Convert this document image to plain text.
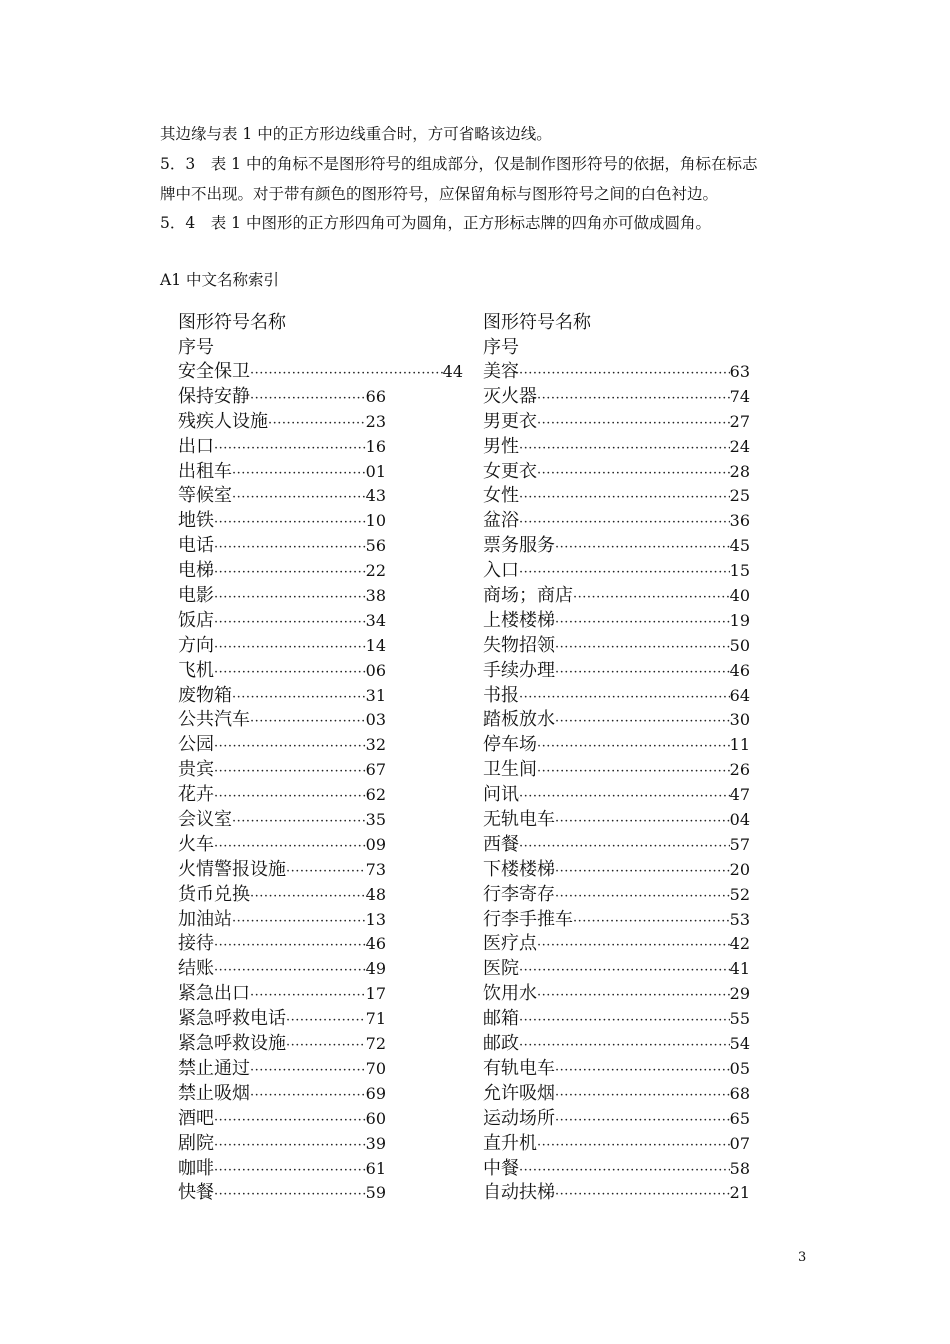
其边缘与表 1 中的正方形边线重合时，方可省略该边线。

5．3　表 1 中的角标不是图形符号的组成部分，仅是制作图形符号的依据，角标在标志

牌中不出现。对于带有颜色的图形符号，应保留角标与图形符号之间的白色衬边。

5．4　表 1 中图形的正方形四角可为圆角，正方形标志牌的四角亦可做成圆角。

A1 中文名称索引

图形符号名称
序号
安全保卫 ·····	44
保持安静 ·····	66
残疾人设施 ·····	23
出口 ·····	16
出租车 ·····	01
等候室 ·····	43
地铁 ·····	10
电话 ·····	56
电梯 ·····	22
电影 ·····	38
饭店 ·····	34
方向 ·····	14
飞机 ·····	06
废物箱 ·····	31
公共汽车 ·····	03
公园 ·····	32
贵宾 ·····	67
花卉 ·····	62
会议室 ·····	35
火车 ·····	09
火情警报设施 ·····	73
货币兑换 ·····	48
加油站 ·····	13
接待 ·····	46
结账 ·····	49
紧急出口 ·····	17
紧急呼救电话 ·····	71
紧急呼救设施 ·····	72
禁止通过 ·····	70
禁止吸烟 ·····	69
酒吧 ·····	60
剧院 ·····	39
咖啡 ·····	61
快餐 ·····	59
图形符号名称
序号
美容 ·····	63
灭火器 ·····	74
男更衣 ·····	27
男性 ·····	24
女更衣 ·····	28
女性 ·····	25
盆浴 ·····	36
票务服务 ·····	45
入口 ·····	15
商场；商店 ·····	40
上楼楼梯 ·····	19
失物招领 ·····	50
手续办理 ·····	46
书报 ·····	64
踏板放水 ·····	30
停车场 ·····	11
卫生间 ·····	26
问讯 ·····	47
无轨电车 ·····	04
西餐 ·····	57
下楼楼梯 ·····	20
行李寄存 ·····	52
行李手推车 ·····	53
医疗点 ·····	42
医院 ·····	41
饮用水 ·····	29
邮箱 ·····	55
邮政 ·····	54
有轨电车 ·····	05
允许吸烟 ·····	68
运动场所 ·····	65
直升机 ·····	07
中餐 ·····	58
自动扶梯 ·····	21

3
